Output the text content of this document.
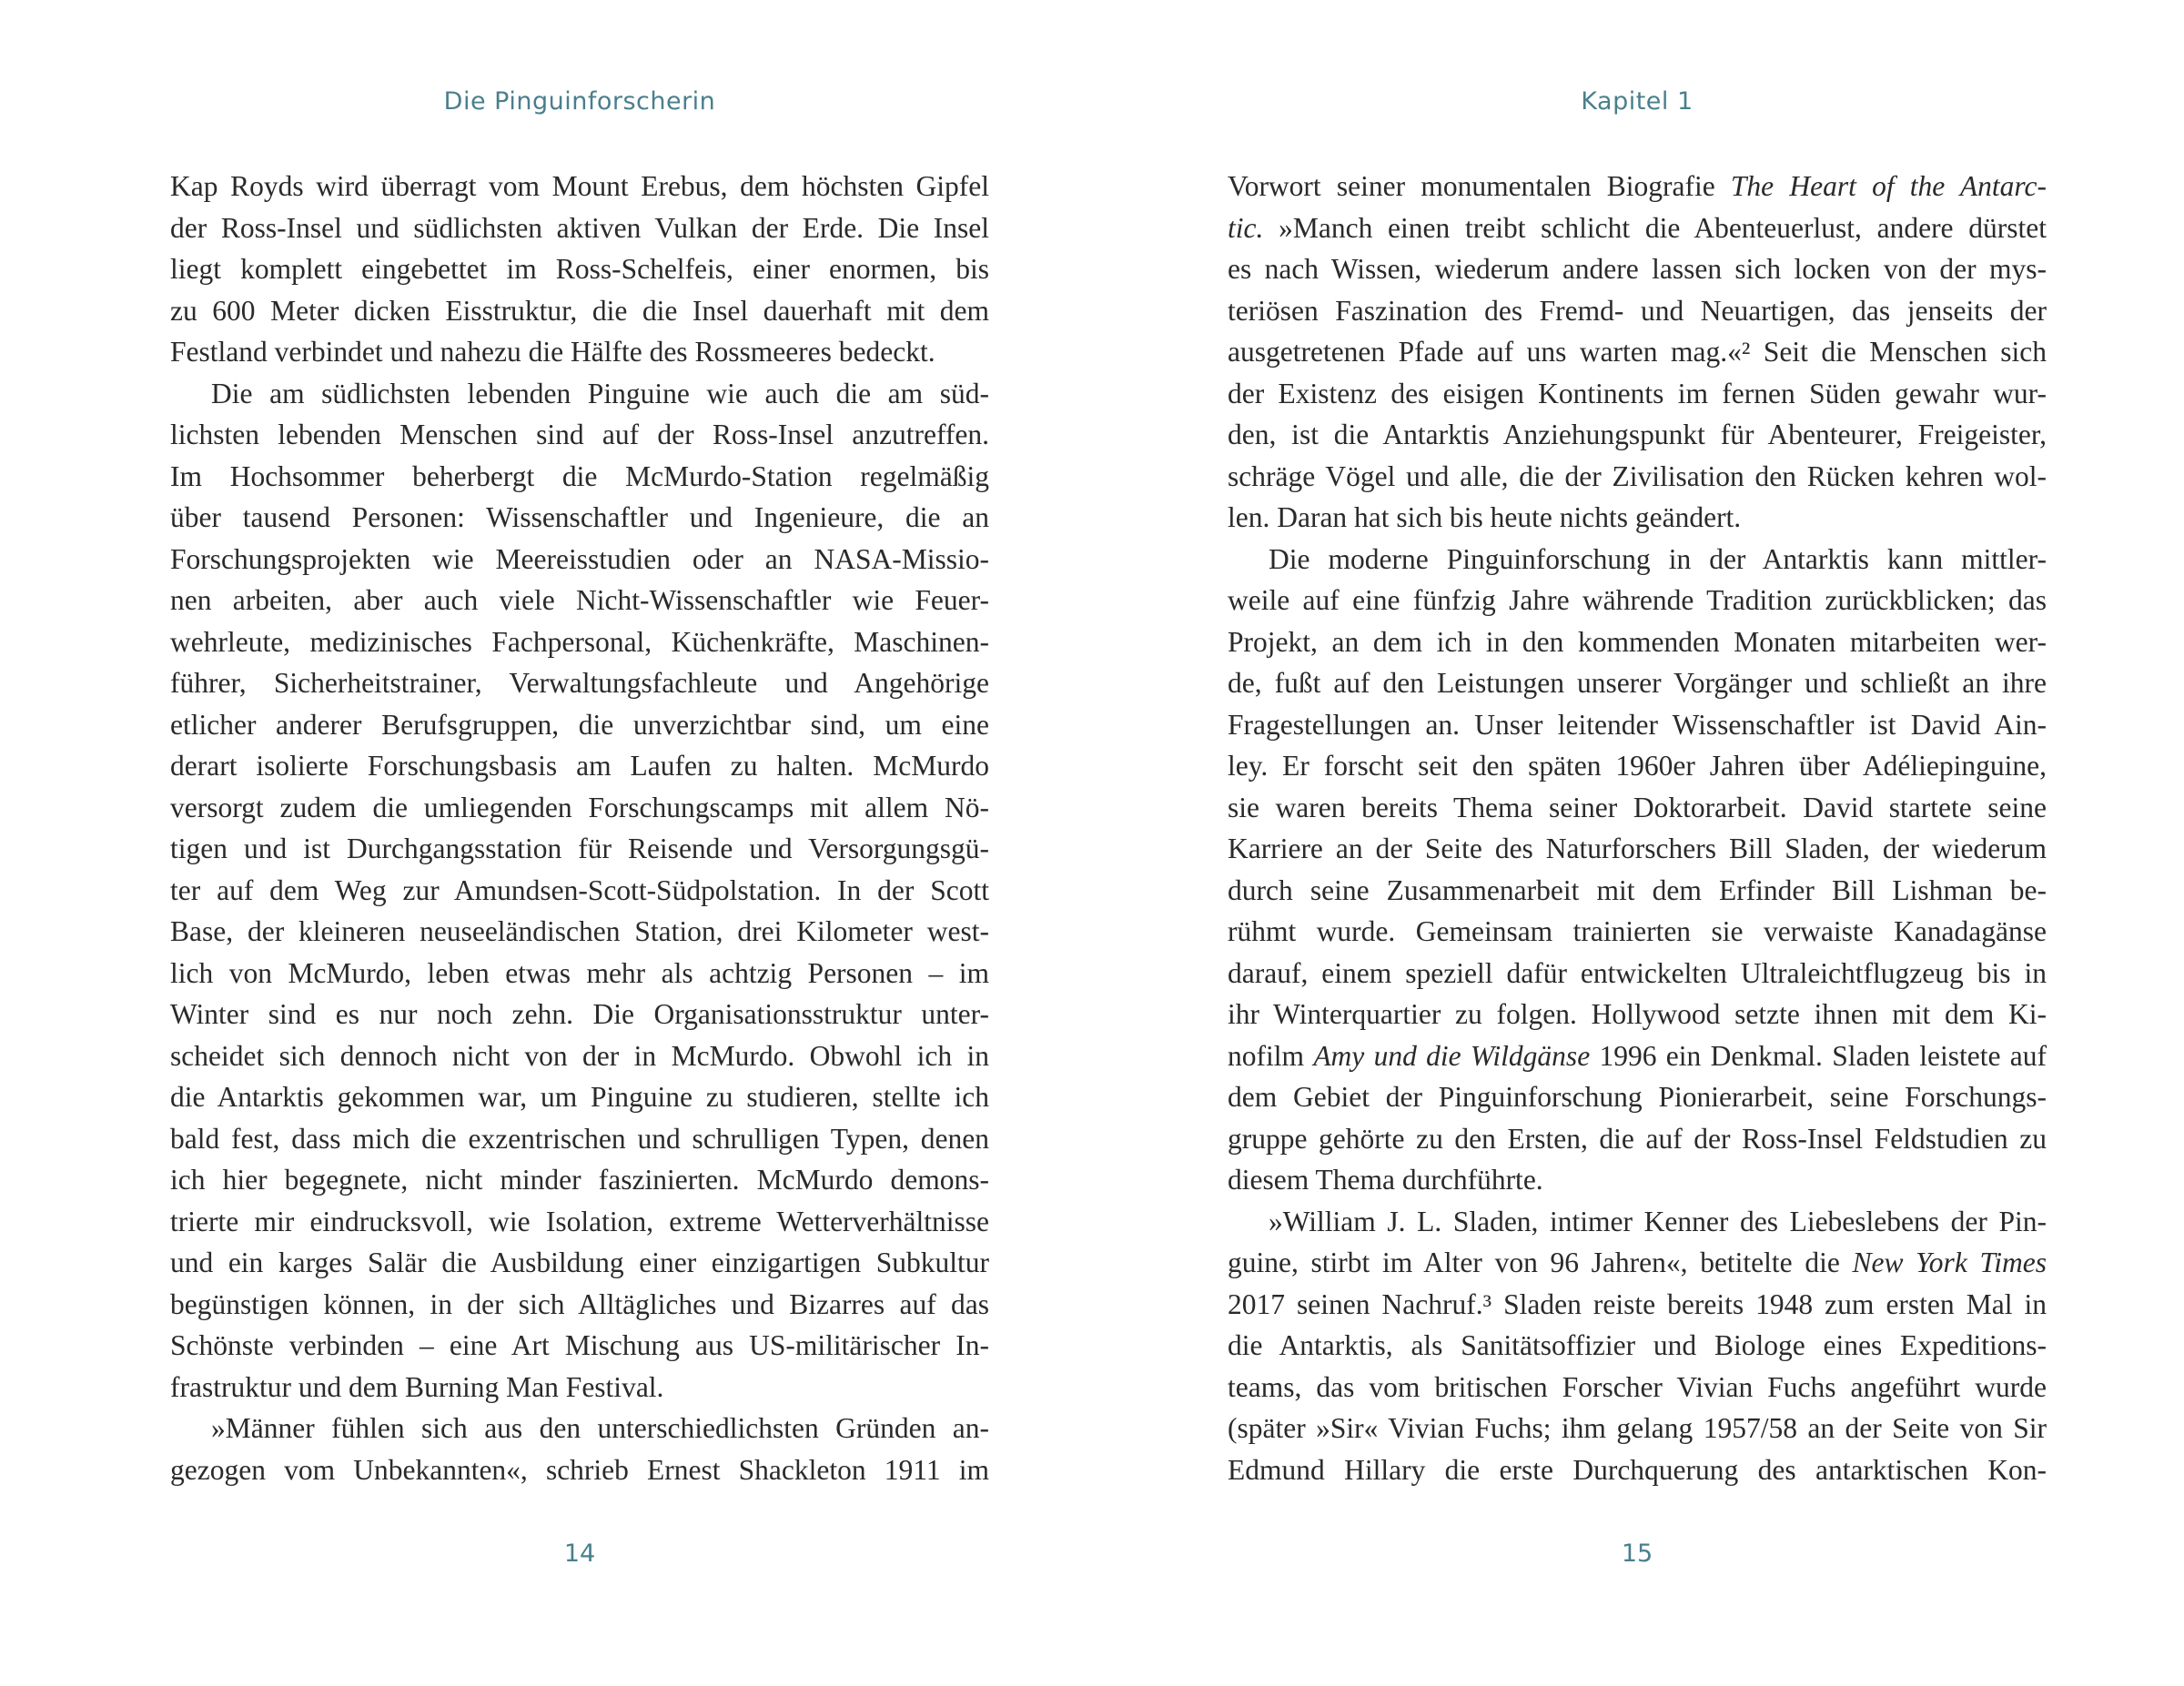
Die Pinguinforscherin
Kap Royds wird überragt vom Mount Erebus, dem höchsten Gipfel
der Ross-Insel und südlichsten aktiven Vulkan der Erde. Die Insel
liegt komplett eingebettet im Ross-Schelfeis, einer enormen, bis
zu 600 Meter dicken Eisstruktur, die die Insel dauerhaft mit dem
Festland verbindet und nahezu die Hälfte des Rossmeeres bedeckt.
Die am südlichsten lebenden Pinguine wie auch die am süd-
lichsten lebenden Menschen sind auf der Ross-Insel anzutreffen.
Im Hochsommer beherbergt die McMurdo-Station regelmäßig
über tausend Personen: Wissenschaftler und Ingenieure, die an
Forschungsprojekten wie Meereisstudien oder an NASA-Missio-
nen arbeiten, aber auch viele Nicht-Wissenschaftler wie Feuer-
wehrleute, medizinisches Fachpersonal, Küchenkräfte, Maschinen-
führer, Sicherheitstrainer, Verwaltungsfachleute und Angehörige
etlicher anderer Berufsgruppen, die unverzichtbar sind, um eine
derart isolierte Forschungsbasis am Laufen zu halten. McMurdo
versorgt zudem die umliegenden Forschungscamps mit allem Nö-
tigen und ist Durchgangsstation für Reisende und Versorgungsgü-
ter auf dem Weg zur Amundsen-Scott-Südpolstation. In der Scott
Base, der kleineren neuseeländischen Station, drei Kilometer west-
lich von McMurdo, leben etwas mehr als achtzig Personen – im
Winter sind es nur noch zehn. Die Organisationsstruktur unter-
scheidet sich dennoch nicht von der in McMurdo. Obwohl ich in
die Antarktis gekommen war, um Pinguine zu studieren, stellte ich
bald fest, dass mich die exzentrischen und schrulligen Typen, denen
ich hier begegnete, nicht minder faszinierten. McMurdo demons-
trierte mir eindrucksvoll, wie Isolation, extreme Wetterverhältnisse
und ein karges Salär die Ausbildung einer einzigartigen Subkultur
begünstigen können, in der sich Alltägliches und Bizarres auf das
Schönste verbinden – eine Art Mischung aus US-militärischer In-
frastruktur und dem Burning Man Festival.
»Männer fühlen sich aus den unterschiedlichsten Gründen an-
gezogen vom Unbekannten«, schrieb Ernest Shackleton 1911 im
14
Kapitel 1
Vorwort seiner monumentalen Biografie The Heart of the Antarc-
tic. »Manch einen treibt schlicht die Abenteuerlust, andere dürstet
es nach Wissen, wiederum andere lassen sich locken von der mys-
teriösen Faszination des Fremd- und Neuartigen, das jenseits der
ausgetretenen Pfade auf uns warten mag.«² Seit die Menschen sich
der Existenz des eisigen Kontinents im fernen Süden gewahr wur-
den, ist die Antarktis Anziehungspunkt für Abenteurer, Freigeister,
schräge Vögel und alle, die der Zivilisation den Rücken kehren wol-
len. Daran hat sich bis heute nichts geändert.
Die moderne Pinguinforschung in der Antarktis kann mittler-
weile auf eine fünfzig Jahre währende Tradition zurückblicken; das
Projekt, an dem ich in den kommenden Monaten mitarbeiten wer-
de, fußt auf den Leistungen unserer Vorgänger und schließt an ihre
Fragestellungen an. Unser leitender Wissenschaftler ist David Ain-
ley. Er forscht seit den späten 1960er Jahren über Adéliepinguine,
sie waren bereits Thema seiner Doktorarbeit. David startete seine
Karriere an der Seite des Naturforschers Bill Sladen, der wiederum
durch seine Zusammenarbeit mit dem Erfinder Bill Lishman be-
rühmt wurde. Gemeinsam trainierten sie verwaiste Kanadagänse
darauf, einem speziell dafür entwickelten Ultraleichtflugzeug bis in
ihr Winterquartier zu folgen. Hollywood setzte ihnen mit dem Ki-
nofilm Amy und die Wildgänse 1996 ein Denkmal. Sladen leistete auf
dem Gebiet der Pinguinforschung Pionierarbeit, seine Forschungs-
gruppe gehörte zu den Ersten, die auf der Ross-Insel Feldstudien zu
diesem Thema durchführte.
»William J. L. Sladen, intimer Kenner des Liebeslebens der Pin-
guine, stirbt im Alter von 96 Jahren«, betitelte die New York Times
2017 seinen Nachruf.³ Sladen reiste bereits 1948 zum ersten Mal in
die Antarktis, als Sanitätsoffizier und Biologe eines Expeditions-
teams, das vom britischen Forscher Vivian Fuchs angeführt wurde
(später »Sir« Vivian Fuchs; ihm gelang 1957/58 an der Seite von Sir
Edmund Hillary die erste Durchquerung des antarktischen Kon-
15
